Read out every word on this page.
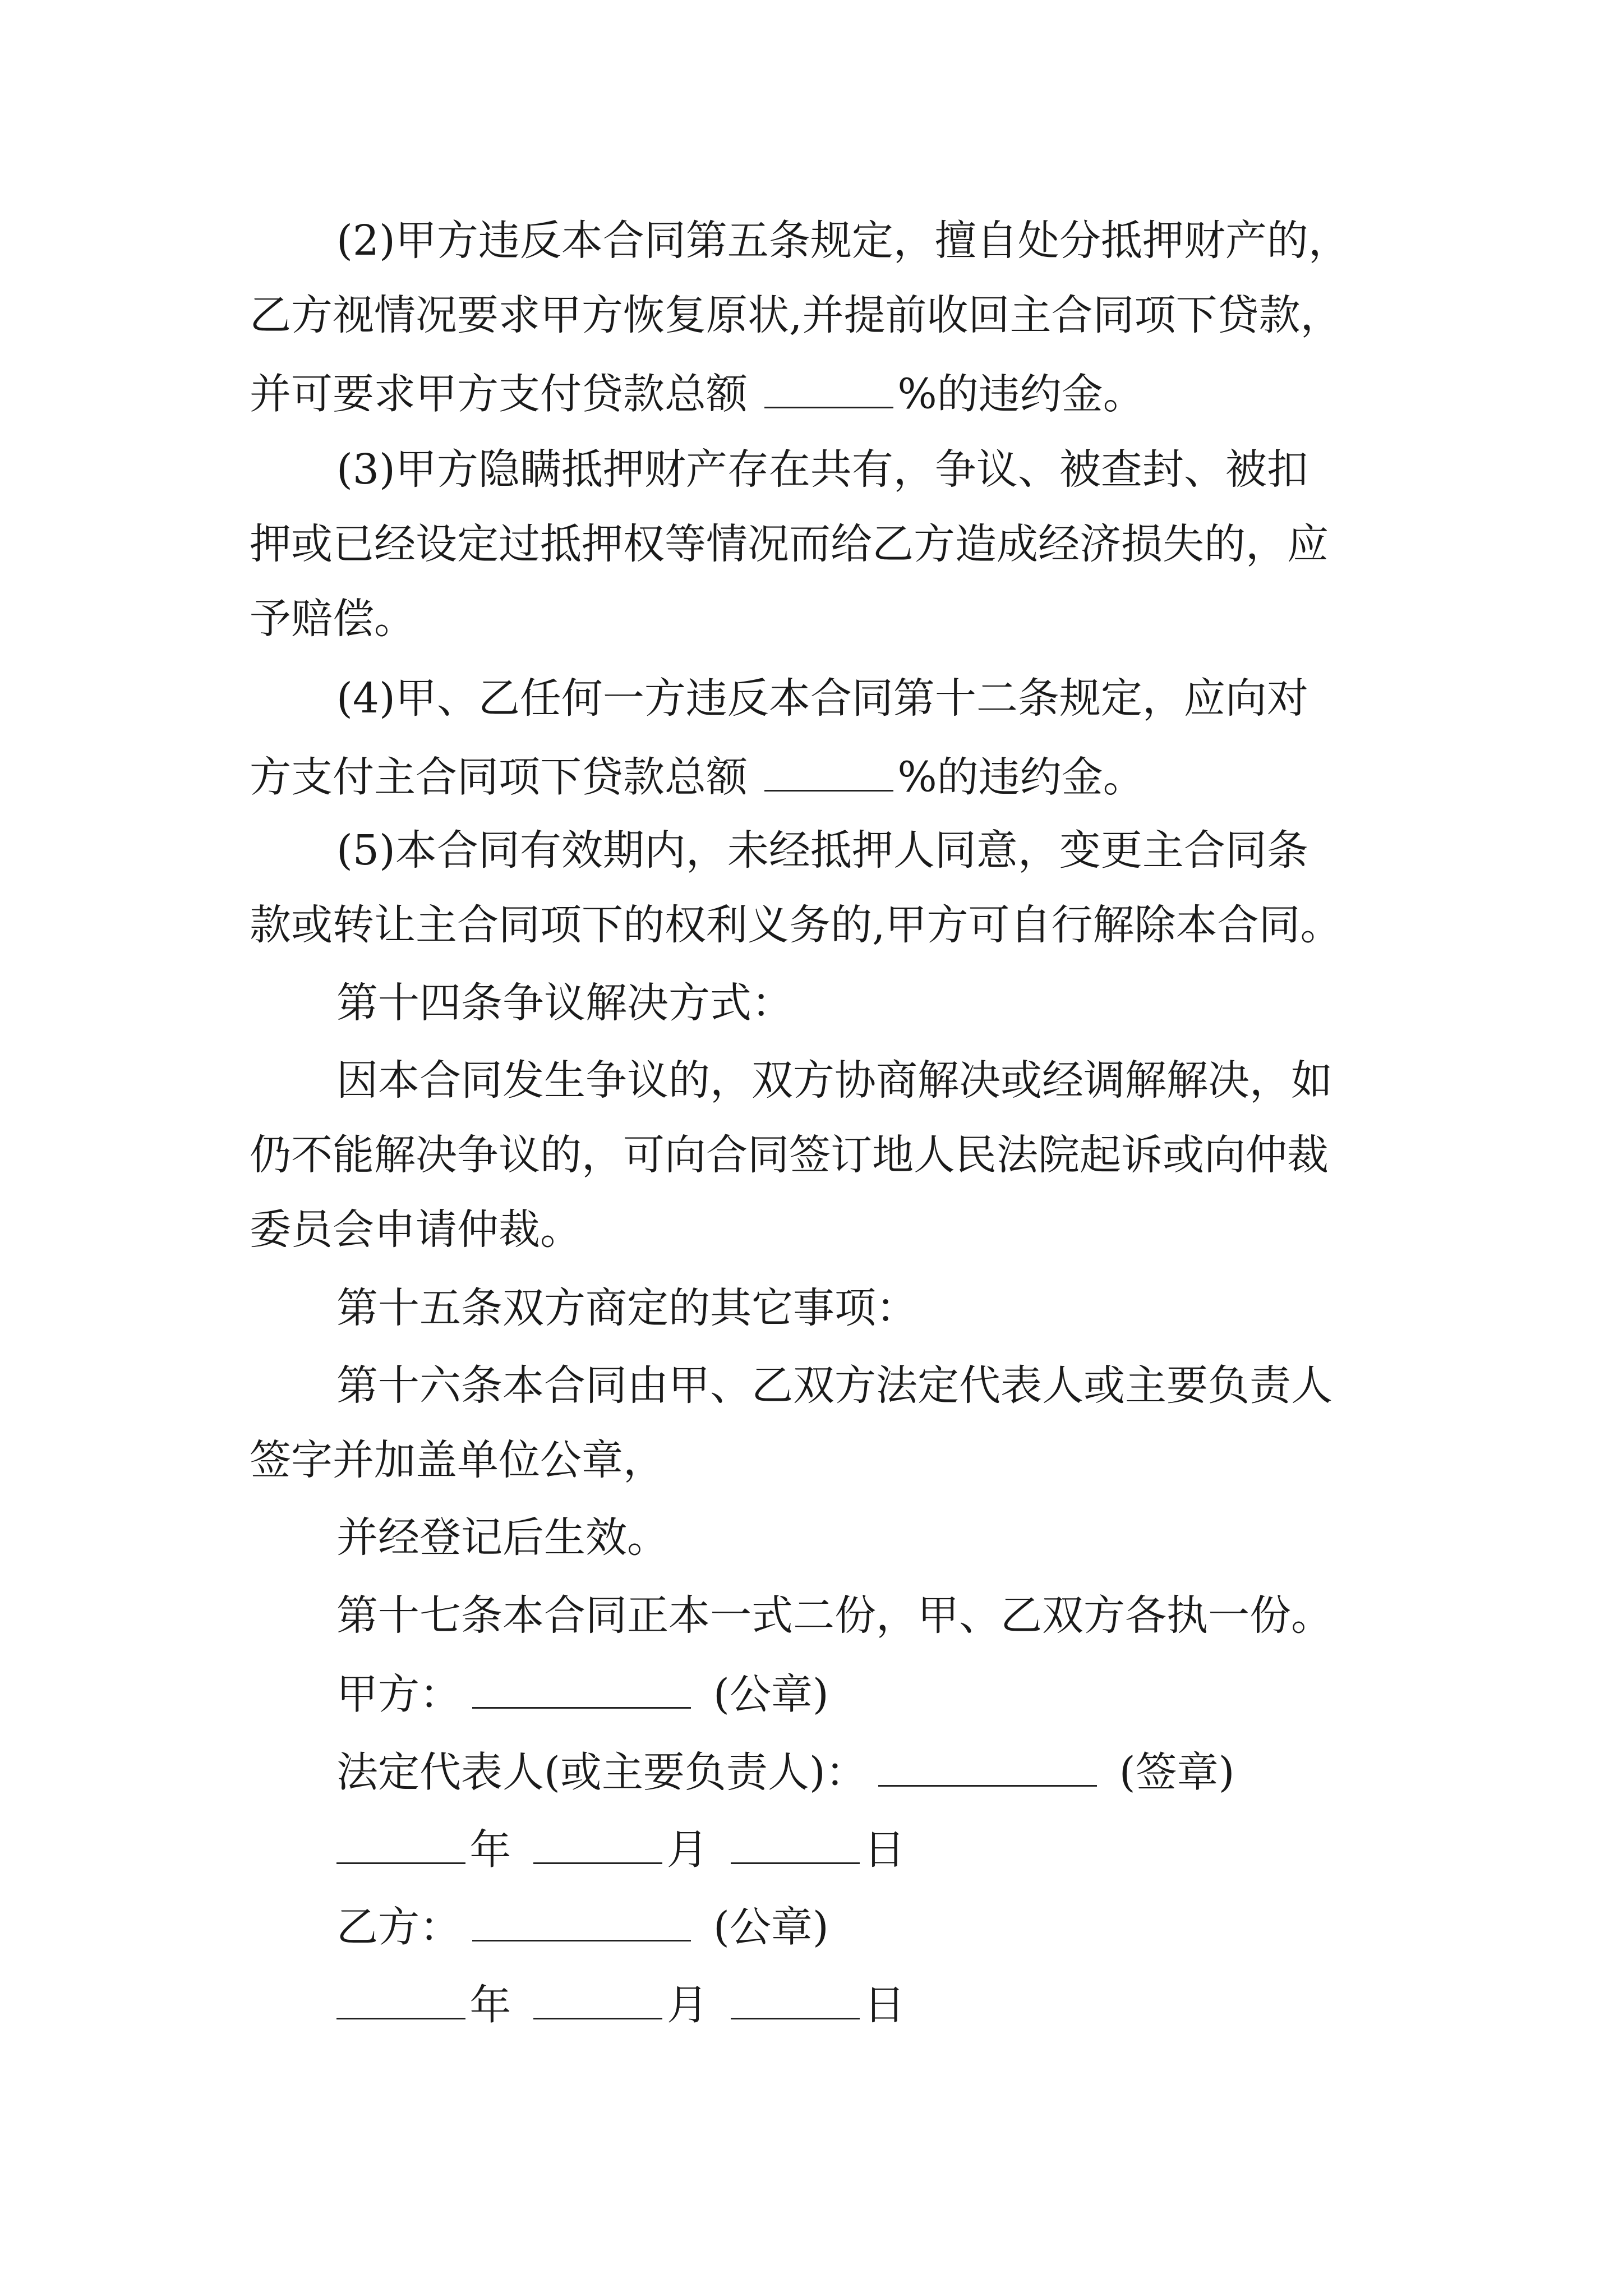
(2)甲方违反本合同第五条规定，擅自处分抵押财产的，
乙方视情况要求甲方恢复原状,并提前收回主合同项下贷款，
并可要求甲方支付贷款总额	%的违约金。
(3)甲方隐瞒抵押财产存在共有，争议、被查封、被扣
押或已经设定过抵押权等情况而给乙方造成经济损失的，应
予赔偿。
(4)甲、乙任何一方违反本合同第十二条规定，应向对
方支付主合同项下贷款总额	%的违约金。
(5)本合同有效期内，未经抵押人同意，变更主合同条
款或转让主合同项下的权利义务的,甲方可自行解除本合同。
第十四条争议解决方式：
因本合同发生争议的，双方协商解决或经调解解决，如
仍不能解决争议的，可向合同签订地人民法院起诉或向仲裁
委员会申请仲裁。
第十五条双方商定的其它事项：
第十六条本合同由甲、乙双方法定代表人或主要负责人
签字并加盖单位公章，
并经登记后生效。
第十七条本合同正本一式二份，甲、乙双方各执一份。
甲方：	(公章)
法定代表人(或主要负责人)：	(签章)
年	月	日
乙方：	(公章)
年	月	日
